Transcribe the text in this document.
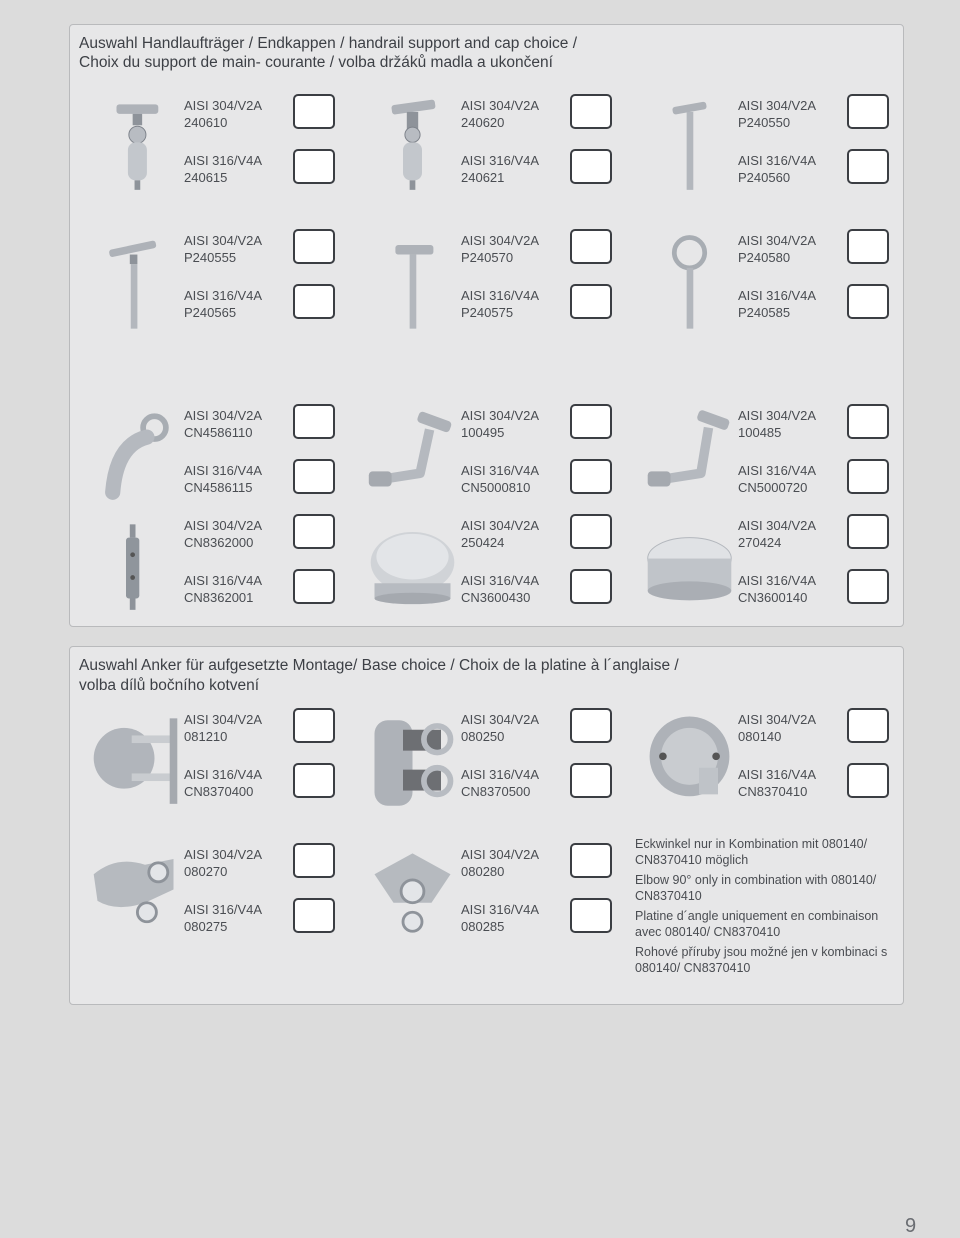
Auswahl Handlaufträger / Endkappen / handrail support and cap choice /

Choix du support de main- courante / volba držáků madla a ukončení

AISI 304/V2A
240610
AISI 316/V4A
240615
AISI 304/V2A
240620
AISI 316/V4A
240621
AISI 304/V2A
P240550
AISI 316/V4A
P240560
AISI 304/V2A
P240555
AISI 316/V4A
P240565
AISI 304/V2A
P240570
AISI 316/V4A
P240575
AISI 304/V2A
P240580
AISI 316/V4A
P240585
AISI 304/V2A
CN4586110
AISI 316/V4A
CN4586115
AISI 304/V2A
100495
AISI 316/V4A
CN5000810
AISI 304/V2A
100485
AISI 316/V4A
CN5000720
AISI 304/V2A
CN8362000
AISI 316/V4A
CN8362001
AISI 304/V2A
250424
AISI 316/V4A
CN3600430
AISI 304/V2A
270424
AISI 316/V4A
CN3600140

Auswahl Anker für aufgesetzte Montage/ Base choice / Choix de la platine à l´anglaise /

volba dílů bočního kotvení

Eckwinkel nur in Kombination mit 080140/ CN8370410 möglich

Elbow 90° only in combination with 080140/ CN8370410

Platine d´angle uniquement en combinaison avec 080140/ CN8370410

Rohové příruby jsou možné jen v kombinaci s 080140/ CN8370410

AISI 304/V2A
081210
AISI 316/V4A
CN8370400
AISI 304/V2A
080250
AISI 316/V4A
CN8370500
AISI 304/V2A
080140
AISI 316/V4A
CN8370410
AISI 304/V2A
080270
AISI 316/V4A
080275
AISI 304/V2A
080280
AISI 316/V4A
080285
9
